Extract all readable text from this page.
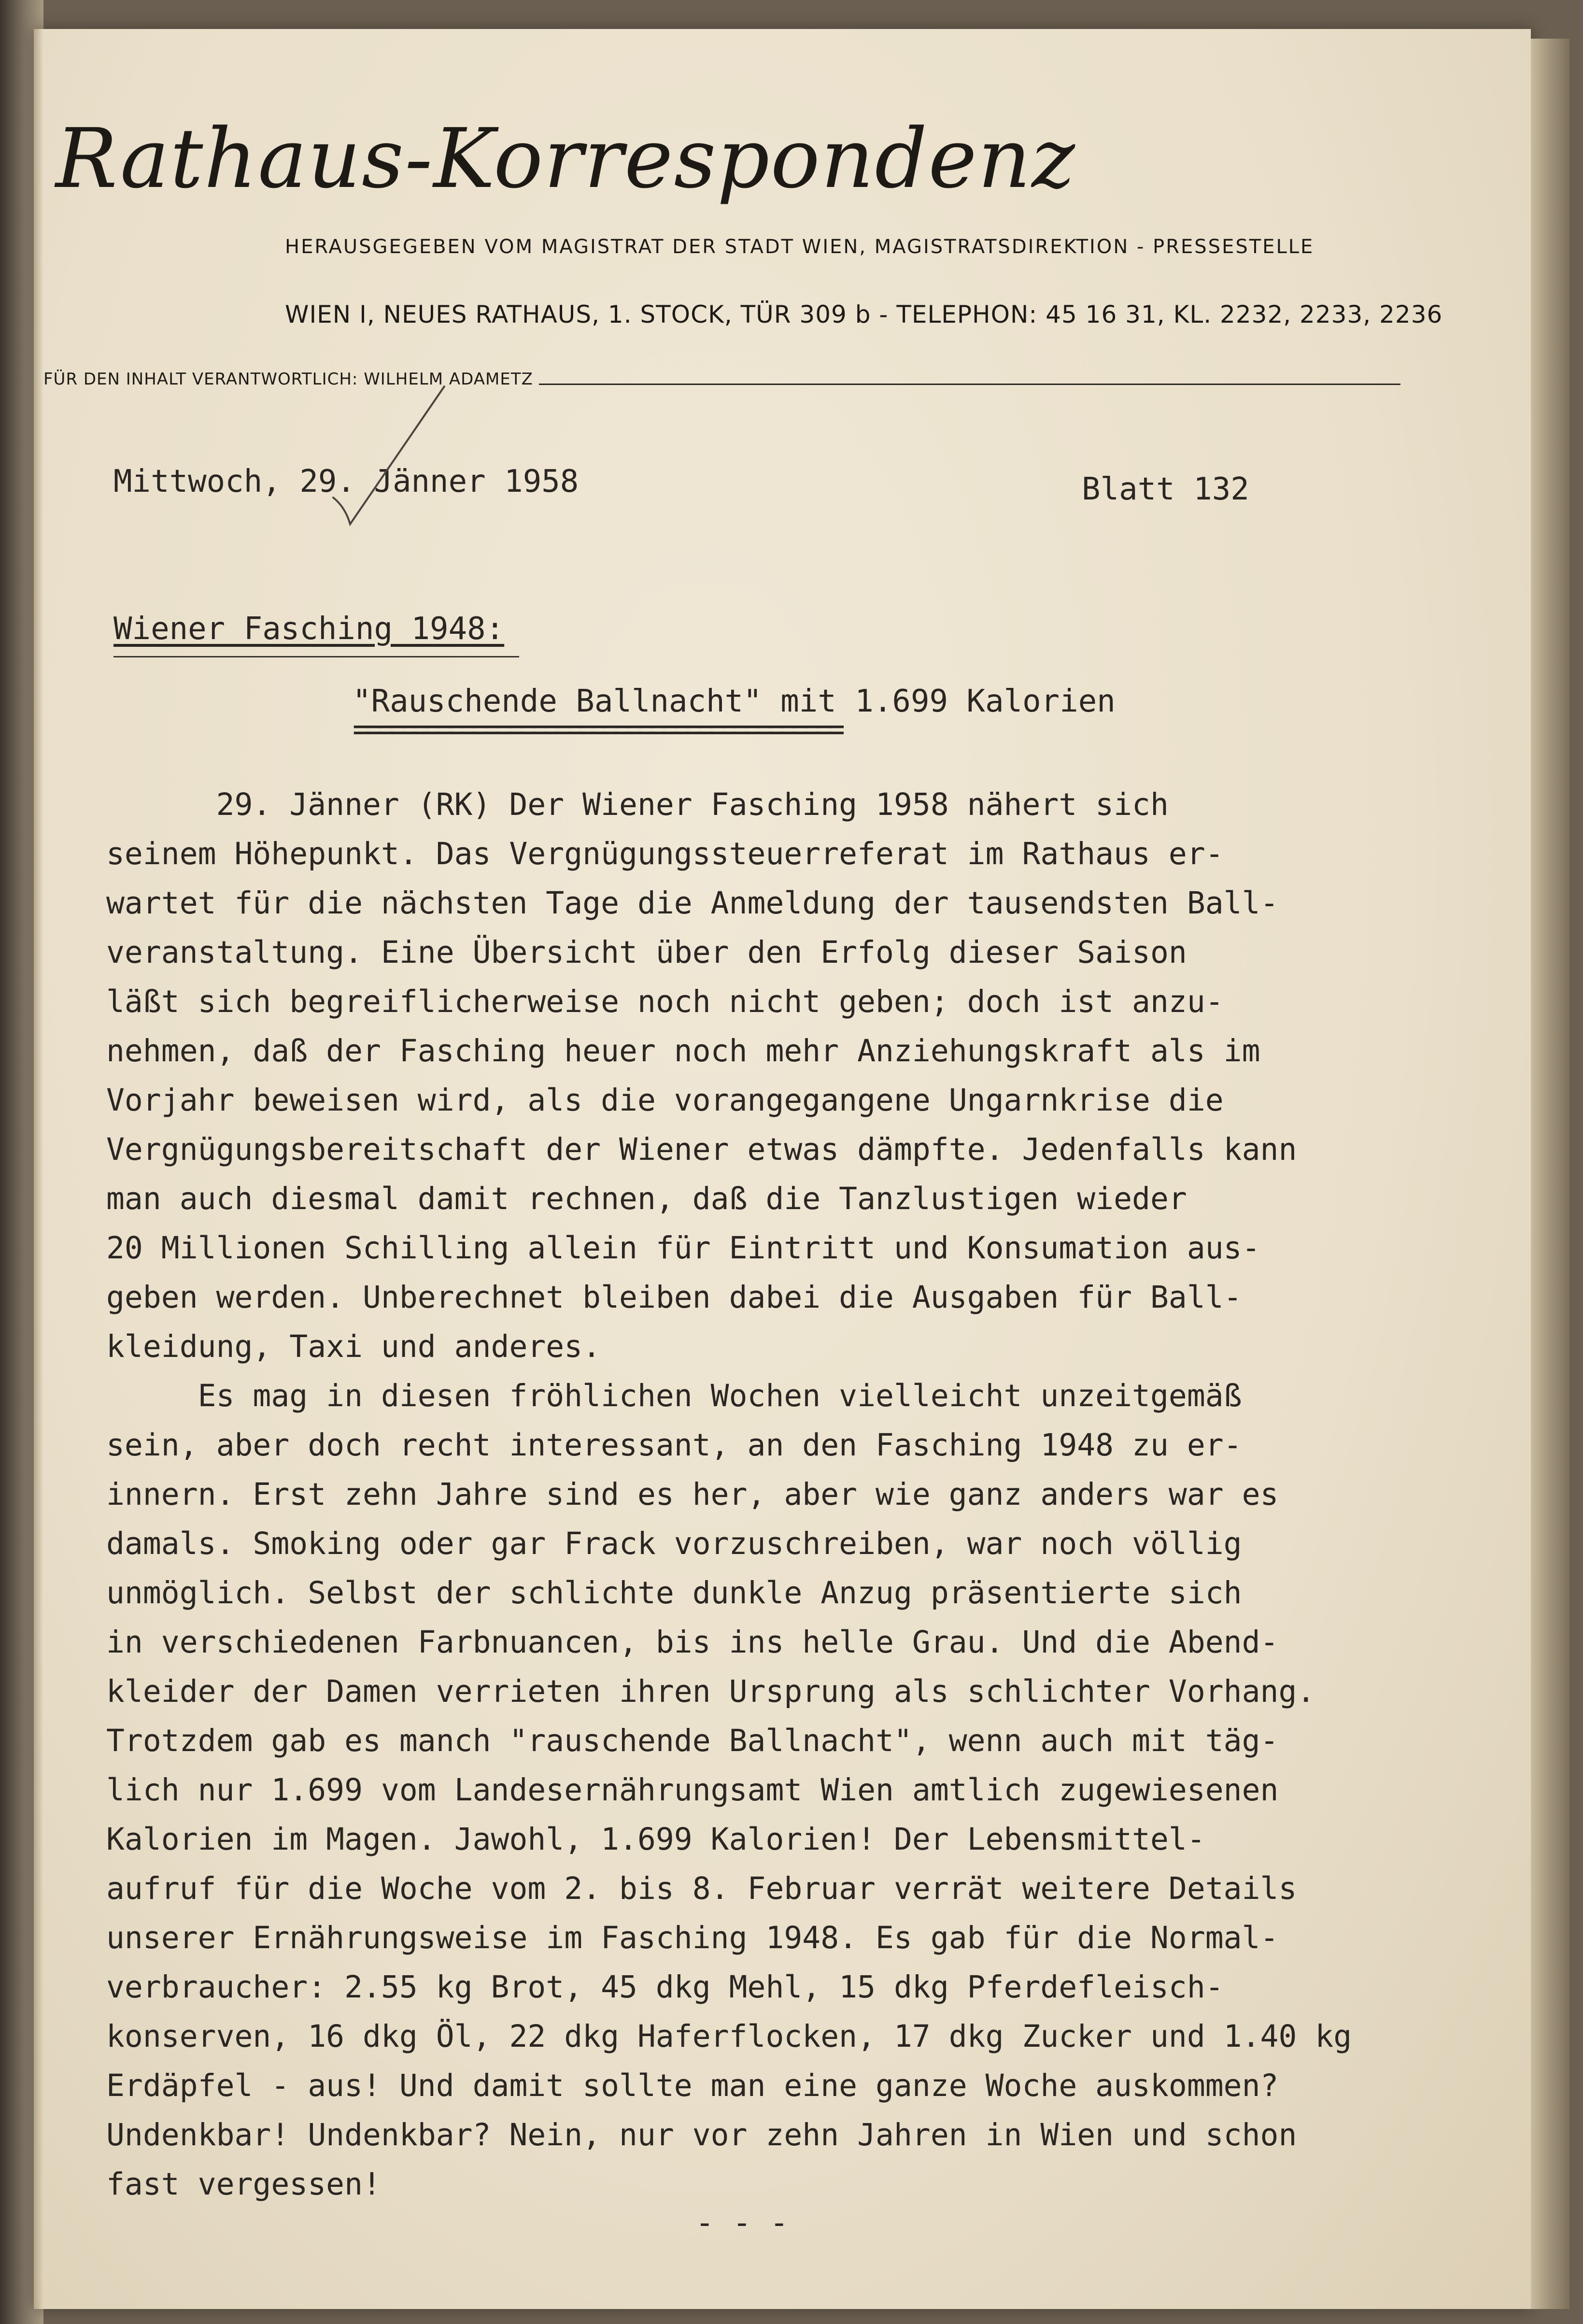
Rathaus-Korrespondenz
HERAUSGEGEBEN VOM MAGISTRAT DER STADT WIEN, MAGISTRATSDIREKTION - PRESSESTELLE
WIEN I, NEUES RATHAUS, 1. STOCK, TÜR 309 b - TELEPHON: 45 16 31, KL. 2232, 2233, 2236
FÜR DEN INHALT VERANTWORTLICH: WILHELM ADAMETZ
Mittwoch, 29. Jänner 1958	Blatt 132
Wiener Fasching 1948:
"Rauschende Ballnacht" mit 1.699 Kalorien
=========================================
29. Jänner (RK) Der Wiener Fasching 1958 nähert sich
seinem Höhepunkt. Das Vergnügungssteuerreferat im Rathaus er-
wartet für die nächsten Tage die Anmeldung der tausendsten Ball-
veranstaltung. Eine Übersicht über den Erfolg dieser Saison
läßt sich begreiflicherweise noch nicht geben; doch ist anzu-
nehmen, daß der Fasching heuer noch mehr Anziehungskraft als im
Vorjahr beweisen wird, als die vorangegangene Ungarnkrise die
Vergnügungsbereitschaft der Wiener etwas dämpfte. Jedenfalls kann
man auch diesmal damit rechnen, daß die Tanzlustigen wieder
20 Millionen Schilling allein für Eintritt und Konsumation aus-
geben werden. Unberechnet bleiben dabei die Ausgaben für Ball-
kleidung, Taxi und anderes.
Es mag in diesen fröhlichen Wochen vielleicht unzeitgemäß
sein, aber doch recht interessant, an den Fasching 1948 zu er-
innern. Erst zehn Jahre sind es her, aber wie ganz anders war es
damals. Smoking oder gar Frack vorzuschreiben, war noch völlig
unmöglich. Selbst der schlichte dunkle Anzug präsentierte sich
in verschiedenen Farbnuancen, bis ins helle Grau. Und die Abend-
kleider der Damen verrieten ihren Ursprung als schlichter Vorhang.
Trotzdem gab es manch "rauschende Ballnacht", wenn auch mit täg-
lich nur 1.699 vom Landesernährungsamt Wien amtlich zugewiesenen
Kalorien im Magen. Jawohl, 1.699 Kalorien! Der Lebensmittel-
aufruf für die Woche vom 2. bis 8. Februar verrät weitere Details
unserer Ernährungsweise im Fasching 1948. Es gab für die Normal-
verbraucher: 2.55 kg Brot, 45 dkg Mehl, 15 dkg Pferdefleisch-
konserven, 16 dkg Öl, 22 dkg Haferflocken, 17 dkg Zucker und 1.40 kg
Erdäpfel - aus! Und damit sollte man eine ganze Woche auskommen?
Undenkbar! Undenkbar? Nein, nur vor zehn Jahren in Wien und schon
fast vergessen!
- - -
